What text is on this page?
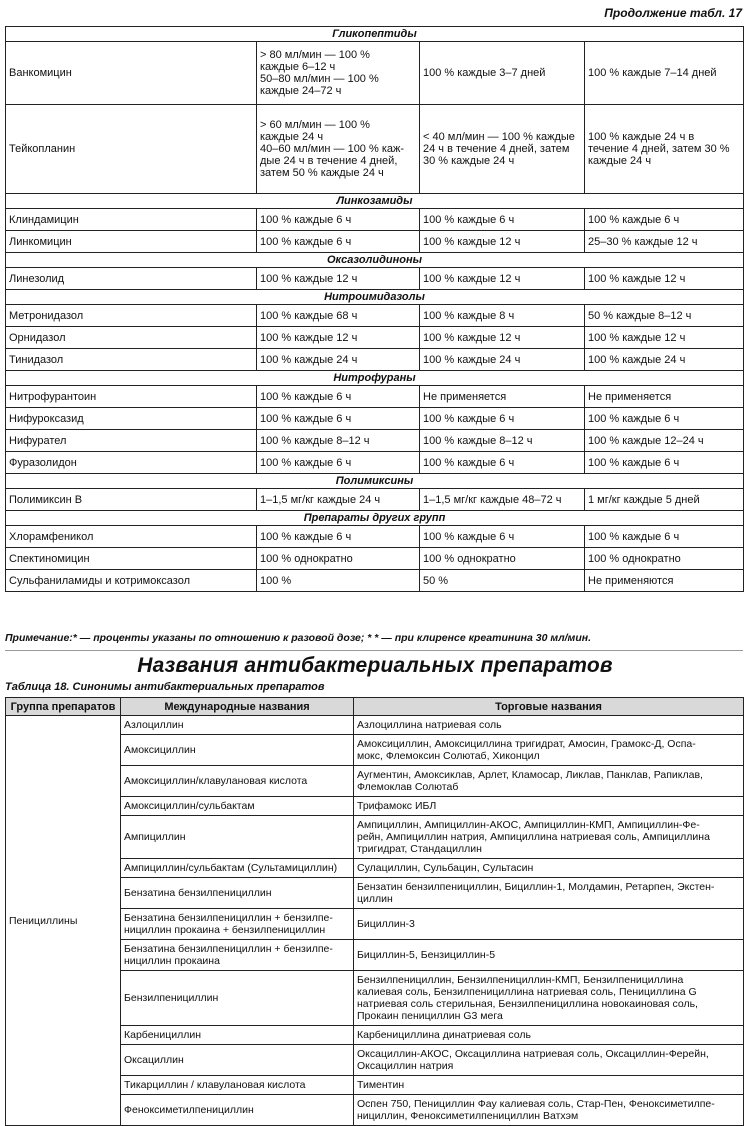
Продолжение табл. 17
Гликопептиды			
Ванкомицин	> 80 мл/мин — 100 %
каждые 6–12 ч
50–80 мл/мин — 100 %
каждые 24–72 ч	100 % каждые 3–7 дней	100 % каждые 7–14 дней
Тейкопланин	> 60 мл/мин — 100 %
каждые 24 ч
40–60 мл/мин — 100 % каж-
дые 24 ч в течение 4 дней,
затем 50 % каждые 24 ч	< 40 мл/мин — 100 % каждые
24 ч в течение 4 дней, затем
30 % каждые 24 ч	100 % каждые 24 ч в
течение 4 дней, затем 30 %
каждые 24 ч
Линкозамиды			
Клиндамицин	100 % каждые 6 ч	100 % каждые 6 ч	100 % каждые 6 ч
Линкомицин	100 % каждые 6 ч	100 % каждые 12 ч	25–30 % каждые 12 ч
Оксазолидиноны			
Линезолид	100 % каждые 12 ч	100 % каждые 12 ч	100 % каждые 12 ч
Нитроимидазолы			
Метронидазол	100 % каждые 68 ч	100 % каждые 8 ч	50 % каждые 8–12 ч
Орнидазол	100 % каждые 12 ч	100 % каждые 12 ч	100 % каждые 12 ч
Тинидазол	100 % каждые 24 ч	100 % каждые 24 ч	100 % каждые 24 ч
Нитрофураны			
Нитрофурантоин	100 % каждые 6 ч	Не применяется	Не применяется
Нифуроксазид	100 % каждые 6 ч	100 % каждые 6 ч	100 % каждые 6 ч
Нифурател	100 % каждые 8–12 ч	100 % каждые 8–12 ч	100 % каждые 12–24 ч
Фуразолидон	100 % каждые 6 ч	100 % каждые 6 ч	100 % каждые 6 ч
Полимиксины			
Полимиксин В	1–1,5 мг/кг каждые 24 ч	1–1,5 мг/кг каждые 48–72 ч	1 мг/кг каждые 5 дней
Препараты других групп			
Хлорамфеникол	100 % каждые 6 ч	100 % каждые 6 ч	100 % каждые 6 ч
Спектиномицин	100 % однократно	100 % однократно	100 % однократно
Сульфаниламиды и котримоксазол	100 %	50 %	Не применяются
Примечание:* — проценты указаны по отношению к разовой дозе; * * — при клиренсе креатинина 30 мл/мин.
Названия антибактериальных препаратов
Таблица 18. Синонимы антибактериальных препаратов
Группа препаратов	Международные названия	Торговые названия
Пенициллины	Азлоциллин	Азлоциллина натриевая соль
	Амоксициллин	Амоксициллин, Амоксициллина тригидрат, Амосин, Грамокс-Д, Оспа-
мокс, Флемоксин Солютаб, Хиконцил
	Амоксициллин/клавулановая кислота	Аугментин, Амоксиклав, Арлет, Кламосар, Ликлав, Панклав, Рапиклав,
Флемоклав Солютаб
	Амоксициллин/сульбактам	Трифамокс ИБЛ
	Ампициллин	Ампициллин, Ампициллин-АКОС, Ампициллин-КМП, Ампициллин-Фе-
рейн, Ампициллин натрия, Ампициллина натриевая соль, Ампициллина
тригидрат, Стандациллин
	Ампициллин/сульбактам (Сультамициллин)	Сулациллин, Сульбацин, Сультасин
	Бензатина бензилпенициллин	Бензатин бензилпенициллин, Бициллин-1, Молдамин, Ретарпен, Экстен-
циллин
	Бензатина бензилпенициллин + бензилпе-
нициллин прокаина + бензилпенициллин	Бициллин-3
	Бензатина бензилпенициллин + бензилпе-
нициллин прокаина	Бициллин-5, Бензициллин-5
	Бензилпенициллин	Бензилпенициллин, Бензилпенициллин-КМП, Бензилпенициллина
калиевая соль, Бензилпенициллина натриевая соль, Пенициллина G
натриевая соль стерильная, Бензилпенициллина новокаиновая соль,
Прокаин пенициллин G3 мега
	Карбенициллин	Карбенициллина динатриевая соль
	Оксациллин	Оксациллин-АКОС, Оксациллина натриевая соль, Оксациллин-Ферейн,
Оксациллин натрия
	Тикарциллин / клавулановая кислота	Тиментин
	Феноксиметилпенициллин	Оспен 750, Пенициллин Фау калиевая соль, Стар-Пен, Феноксиметилпе-
нициллин, Феноксиметилпенициллин Ватхэм
